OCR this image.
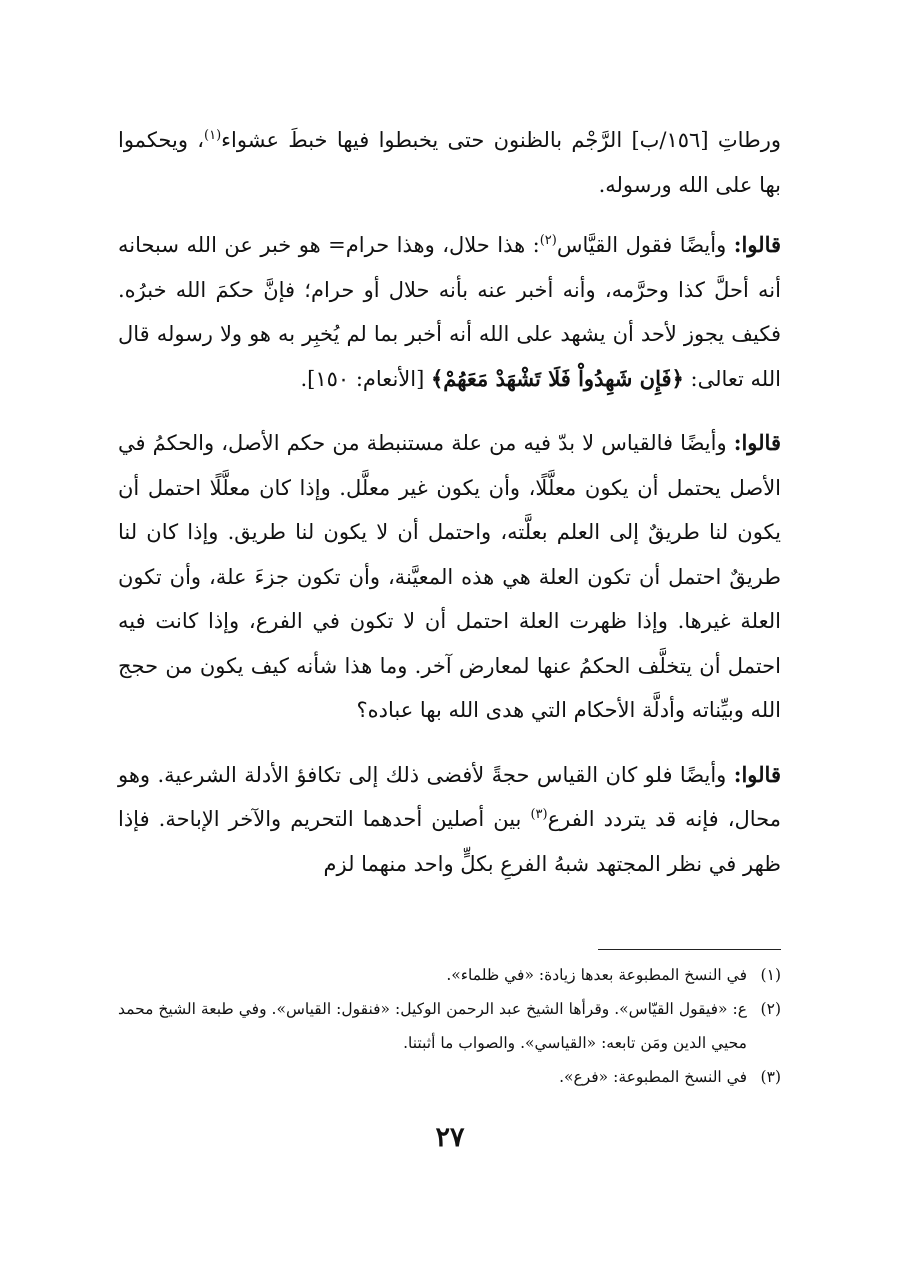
ورطاتِ [١٥٦/ب] الرَّجْم بالظنون حتى يخبطوا فيها خبطَ عشواء$^{(١)}$، ويحكموا بها على الله ورسوله.

قالوا: وأيضًا فقول القيَّاس$^{(٢)}$: هذا حلال، وهذا حرام= هو خبر عن الله سبحانه أنه أحلَّ كذا وحرَّمه، وأنه أخبر عنه بأنه حلال أو حرام؛ فإنَّ حكمَ الله خبرُه. فكيف يجوز لأحد أن يشهد على الله أنه أخبر بما لم يُخبِر به هو ولا رسوله قال الله تعالى: ﴿فَإِن شَهِدُواْ فَلَا تَشْهَدْ مَعَهُمْ﴾ [الأنعام: ١٥٠].

قالوا: وأيضًا فالقياس لا بدّ فيه من علة مستنبطة من حكم الأصل، والحكمُ في الأصل يحتمل أن يكون معلَّلًا، وأن يكون غير معلَّل. وإذا كان معلَّلًا احتمل أن يكون لنا طريقٌ إلى العلم بعلَّته، واحتمل أن لا يكون لنا طريق. وإذا كان لنا طريقٌ احتمل أن تكون العلة هي هذه المعيَّنة، وأن تكون جزءَ علة، وأن تكون العلة غيرها. وإذا ظهرت العلة احتمل أن لا تكون في الفرع، وإذا كانت فيه احتمل أن يتخلَّف الحكمُ عنها لمعارض آخر. وما هذا شأنه كيف يكون من حجج الله وبيِّناته وأدلَّة الأحكام التي هدى الله بها عباده؟

قالوا: وأيضًا فلو كان القياس حجةً لأفضى ذلك إلى تكافؤ الأدلة الشرعية. وهو محال، فإنه قد يتردد الفرع$^{(٣)}$ بين أصلين أحدهما التحريم والآخر الإباحة. فإذا ظهر في نظر المجتهد شبهُ الفرعِ بكلٍّ واحد منهما لزم

(١)
في النسخ المطبوعة بعدها زيادة: «في ظلماء».
(٢)
ع: «فيقول القيّاس». وقرأها الشيخ عبد الرحمن الوكيل: «فنقول: القياس». وفي طبعة الشيخ محمد محيي الدين ومَن تابعه: «القياسي». والصواب ما أثبتنا.
(٣)
في النسخ المطبوعة: «فرع».
٢٧
